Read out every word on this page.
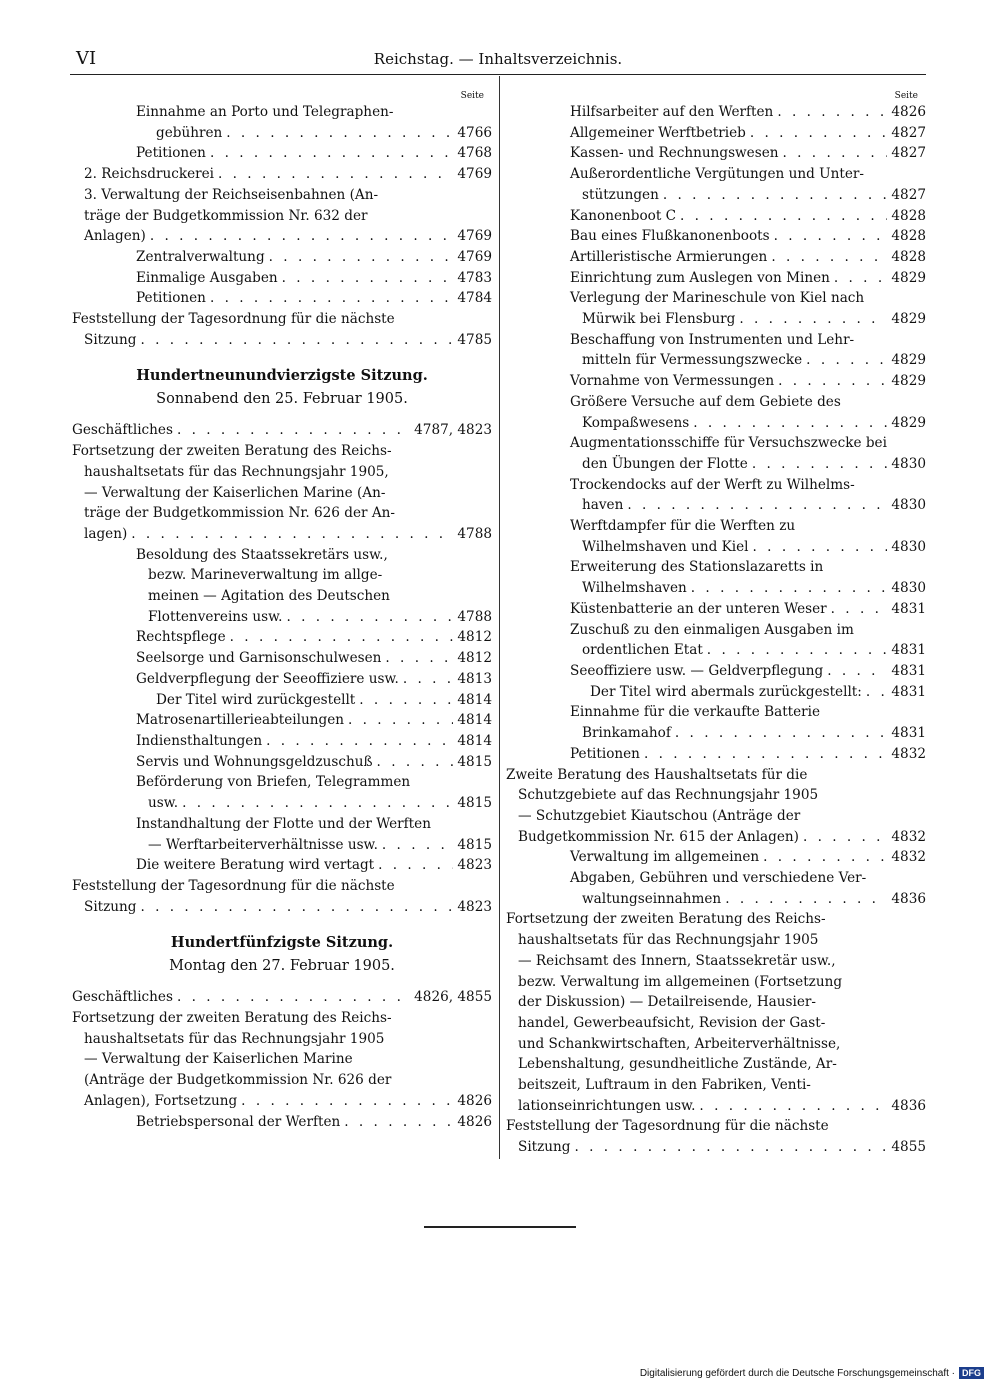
VI	Reichstag. — Inhaltsverzeichnis.
Seite
Einnahme an Porto und Telegraphen-
gebühren . . .	4766
Petitionen . . .	4768
2. Reichsdruckerei . . .	4769
3. Verwaltung der Reichseisenbahnen (An-
träge der Budgetkommission Nr. 632 der
Anlagen) . . .	4769
Zentralverwaltung . . .	4769
Einmalige Ausgaben . . .	4783
Petitionen . . .	4784
Feststellung der Tagesordnung für die nächste
Sitzung . . .	4785
Hundertneunundvierzigste Sitzung.
Sonnabend den 25. Februar 1905.
Geschäftliches . . .	4787, 4823
Fortsetzung der zweiten Beratung des Reichs-
haushaltsetats für das Rechnungsjahr 1905,
— Verwaltung der Kaiserlichen Marine (An-
träge der Budgetkommission Nr. 626 der An-
lagen) . . .	4788
Besoldung des Staatssekretärs usw.,
bezw. Marineverwaltung im allge-
meinen — Agitation des Deutschen
Flottenvereins usw. . . .	4788
Rechtspflege . . .	4812
Seelsorge und Garnisonschulwesen . . .	4812
Geldverpflegung der Seeoffiziere usw. . . .	4813
Der Titel wird zurückgestellt . . .	4814
Matrosenartillerieabteilungen . . .	4814
Indiensthaltungen . . .	4814
Servis und Wohnungsgeldzuschuß . . .	4815
Beförderung von Briefen, Telegrammen
usw. . . .	4815
Instandhaltung der Flotte und der Werften
— Werftarbeiterverhältnisse usw. . . .	4815
Die weitere Beratung wird vertagt . . .	4823
Feststellung der Tagesordnung für die nächste
Sitzung . . .	4823
Hundertfünfzigste Sitzung.
Montag den 27. Februar 1905.
Geschäftliches . . .	4826, 4855
Fortsetzung der zweiten Beratung des Reichs-
haushaltsetats für das Rechnungsjahr 1905
— Verwaltung der Kaiserlichen Marine
(Anträge der Budgetkommission Nr. 626 der
Anlagen), Fortsetzung . . .	4826
Betriebspersonal der Werften . . .	4826
Seite
Hilfsarbeiter auf den Werften . . .	4826
Allgemeiner Werftbetrieb . . .	4827
Kassen- und Rechnungswesen . . .	4827
Außerordentliche Vergütungen und Unter-
stützungen . . .	4827
Kanonenboot C . . .	4828
Bau eines Flußkanonenboots . . .	4828
Artilleristische Armierungen . . .	4828
Einrichtung zum Auslegen von Minen . . .	4829
Verlegung der Marineschule von Kiel nach
Mürwik bei Flensburg . . .	4829
Beschaffung von Instrumenten und Lehr-
mitteln für Vermessungszwecke . . .	4829
Vornahme von Vermessungen . . .	4829
Größere Versuche auf dem Gebiete des
Kompaßwesens . . .	4829
Augmentationsschiffe für Versuchszwecke bei
den Übungen der Flotte . . .	4830
Trockendocks auf der Werft zu Wilhelms-
haven . . .	4830
Werftdampfer für die Werften zu
Wilhelmshaven und Kiel . . .	4830
Erweiterung des Stationslazaretts in
Wilhelmshaven . . .	4830
Küstenbatterie an der unteren Weser . . .	4831
Zuschuß zu den einmaligen Ausgaben im
ordentlichen Etat . . .	4831
Seeoffiziere usw. — Geldverpflegung . . .	4831
Der Titel wird abermals zurückgestellt: . . . 4831
Einnahme für die verkaufte Batterie
Brinkamahof . . .	4831
Petitionen . . .	4832
Zweite Beratung des Haushaltsetats für die
Schutzgebiete auf das Rechnungsjahr 1905
— Schutzgebiet Kiautschou (Anträge der
Budgetkommission Nr. 615 der Anlagen) . . .	4832
Verwaltung im allgemeinen . . .	4832
Abgaben, Gebühren und verschiedene Ver-
waltungseinnahmen . . .	4836
Fortsetzung der zweiten Beratung des Reichs-
haushaltsetats für das Rechnungsjahr 1905
— Reichsamt des Innern, Staatssekretär usw.,
bezw. Verwaltung im allgemeinen (Fortsetzung
der Diskussion) — Detailreisende, Hausier-
handel, Gewerbeaufsicht, Revision der Gast-
und Schankwirtschaften, Arbeiterverhältnisse,
Lebenshaltung, gesundheitliche Zustände, Ar-
beitszeit, Luftraum in den Fabriken, Venti-
lationseinrichtungen usw. . . .	4836
Feststellung der Tagesordnung für die nächste
Sitzung . . .	4855
Digitalisierung gefördert durch die Deutsche Forschungsgemeinschaft · DFG
